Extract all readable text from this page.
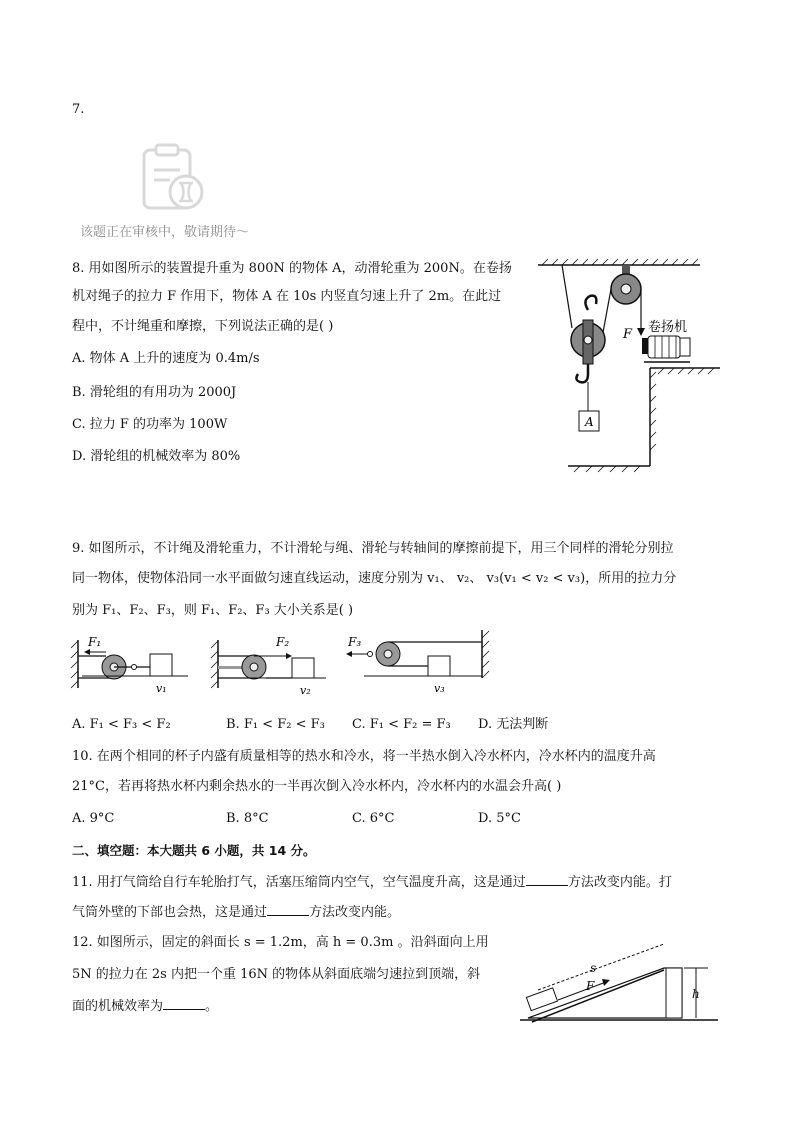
7.
该题正在审核中，敬请期待～
8. 用如图所示的装置提升重为 800N 的物体 A，动滑轮重为 200N。在卷扬
机对绳子的拉力 F 作用下，物体 A 在 10s 内竖直匀速上升了 2m。在此过
程中，不计绳重和摩擦，下列说法正确的是( )
A. 物体 A 上升的速度为 0.4m/s
B. 滑轮组的有用功为 2000J
C. 拉力 F 的功率为 100W
D. 滑轮组的机械效率为 80%
F
A
卷扬机
9. 如图所示，不计绳及滑轮重力，不计滑轮与绳、滑轮与转轴间的摩擦前提下，用三个同样的滑轮分别拉
同一物体，使物体沿同一水平面做匀速直线运动，速度分别为 v₁、 v₂、 v₃(v₁ < v₂ < v₃)，所用的拉力分
别为 F₁、F₂、F₃，则 F₁、F₂、F₃ 大小关系是( )
F₁
v₁
F₂
v₂
F₃
v₃
A. F₁ < F₃ < F₂	B. F₁ < F₂ < F₃ C. F₁ < F₂ = F₃ D. 无法判断
10. 在两个相同的杯子内盛有质量相等的热水和冷水，将一半热水倒入冷水杯内，冷水杯内的温度升高
21°C，若再将热水杯内剩余热水的一半再次倒入冷水杯内，冷水杯内的水温会升高( )
A. 9°C	B. 8°C	C. 6°C	D. 5°C
二、填空题：本大题共 6 小题，共 14 分。
11. 用打气筒给自行车轮胎打气，活塞压缩筒内空气，空气温度升高，这是通过	方法改变内能。打
气筒外壁的下部也会热，这是通过	方法改变内能。
12. 如图所示，固定的斜面长 s = 1.2m，高 h = 0.3m 。沿斜面向上用
5N 的拉力在 2s 内把一个重 16N 的物体从斜面底端匀速拉到顶端，斜
面的机械效率为	。
F
s
h
